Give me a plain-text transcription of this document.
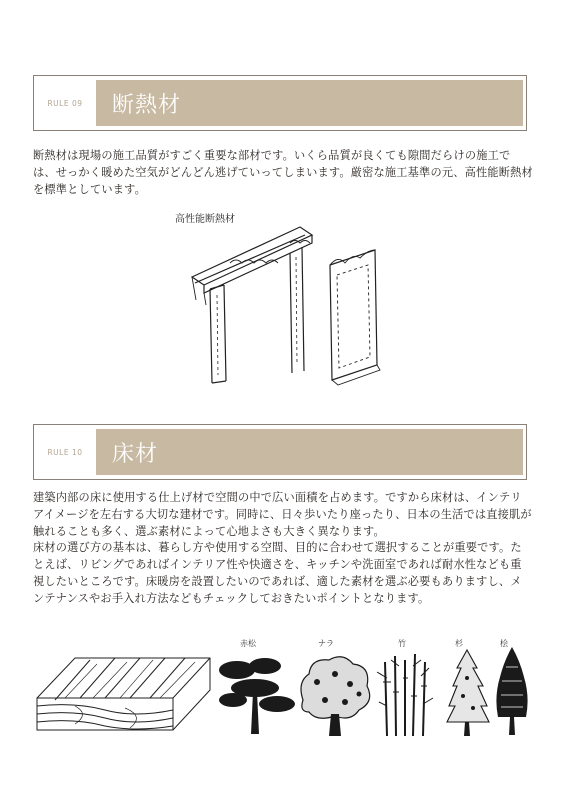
RULE 09	断熱材

断熱材は現場の施工品質がすごく重要な部材です。いくら品質が良くても隙間だらけの施工では、せっかく暖めた空気がどんどん逃げていってしまいます。厳密な施工基準の元、高性能断熱材を標準としています。

高性能断熱材
RULE 10	床材

建築内部の床に使用する仕上げ材で空間の中で広い面積を占めます。ですから床材は、インテリアイメージを左右する大切な建材です。同時に、日々歩いたり座ったり、日本の生活では直接肌が触れることも多く、選ぶ素材によって心地よさも大きく異なります。

床材の選び方の基本は、暮らし方や使用する空間、目的に合わせて選択することが重要です。たとえば、リビングであればインテリア性や快適さを、キッチンや洗面室であれば耐水性なども重視したいところです。床暖房を設置したいのであれば、適した素材を選ぶ必要もありますし、メンテナンスやお手入れ方法などもチェックしておきたいポイントとなります。

赤松	ナラ	竹	杉	桧
